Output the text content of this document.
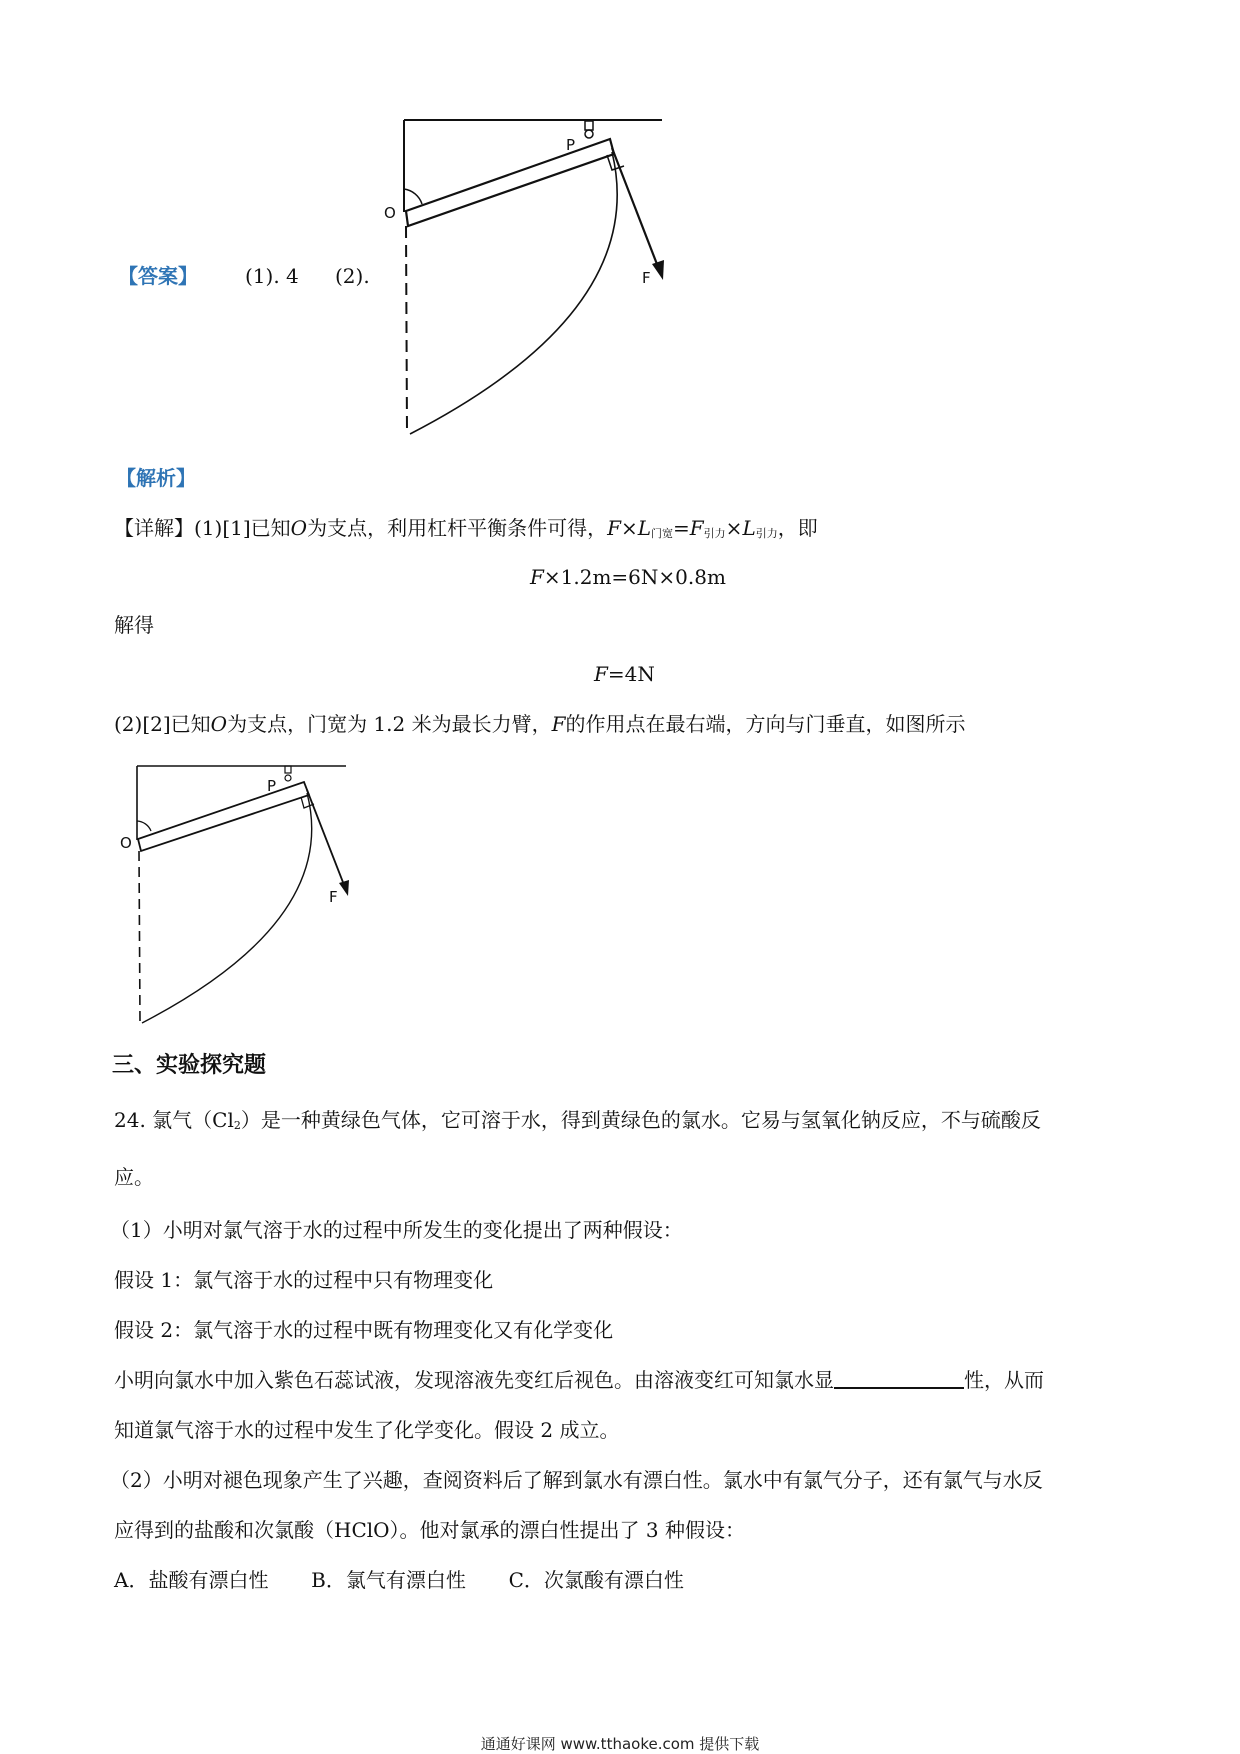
【答案】 (1). 4 (2).
O
P
F
【解析】
【详解】(1)[1]已知O为支点，利用杠杆平衡条件可得，F×L门宽=F引力×L引力，即
F×1.2m=6N×0.8m
解得
F=4N
(2)[2]已知O为支点，门宽为 1.2 米为最长力臂，F的作用点在最右端，方向与门垂直，如图所示
O
P
F
三、实验探究题
24. 氯气（Cl2）是一种黄绿色气体，它可溶于水，得到黄绿色的氯水。它易与氢氧化钠反应，不与硫酸反
应。
（1）小明对氯气溶于水的过程中所发生的变化提出了两种假设：
假设 1：氯气溶于水的过程中只有物理变化
假设 2：氯气溶于水的过程中既有物理变化又有化学变化
小明向氯水中加入紫色石蕊试液，发现溶液先变红后视色。由溶液变红可知氯水显	性，从而
知道氯气溶于水的过程中发生了化学变化。假设 2 成立。
（2）小明对褪色现象产生了兴趣，查阅资料后了解到氯水有漂白性。氯水中有氯气分子，还有氯气与水反
应得到的盐酸和次氯酸（HClO）。他对氯承的漂白性提出了 3 种假设：
A．盐酸有漂白性 B．氯气有漂白性 C．次氯酸有漂白性
通通好课网 www.tthaoke.com 提供下载
